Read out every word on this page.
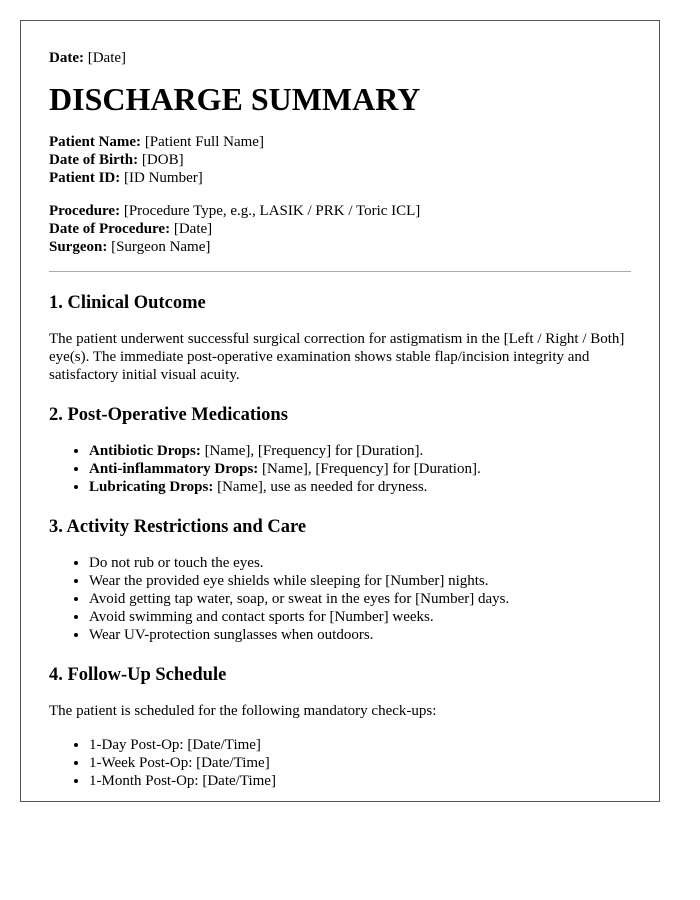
Date: [Date]

DISCHARGE SUMMARY

Patient Name: [Patient Full Name]

Date of Birth: [DOB]

Patient ID: [ID Number]

Procedure: [Procedure Type, e.g., LASIK / PRK / Toric ICL]

Date of Procedure: [Date]

Surgeon: [Surgeon Name]

1. Clinical Outcome

The patient underwent successful surgical correction for astigmatism in the [Left / Right / Both] eye(s). The immediate post-operative examination shows stable flap/incision integrity and satisfactory initial visual acuity.

2. Post-Operative Medications
• Antibiotic Drops: [Name], [Frequency] for [Duration].
• Anti-inflammatory Drops: [Name], [Frequency] for [Duration].
• Lubricating Drops: [Name], use as needed for dryness.
3. Activity Restrictions and Care
• Do not rub or touch the eyes.
• Wear the provided eye shields while sleeping for [Number] nights.
• Avoid getting tap water, soap, or sweat in the eyes for [Number] days.
• Avoid swimming and contact sports for [Number] weeks.
• Wear UV-protection sunglasses when outdoors.
4. Follow-Up Schedule

The patient is scheduled for the following mandatory check-ups:

• 1-Day Post-Op: [Date/Time]
• 1-Week Post-Op: [Date/Time]
• 1-Month Post-Op: [Date/Time]
